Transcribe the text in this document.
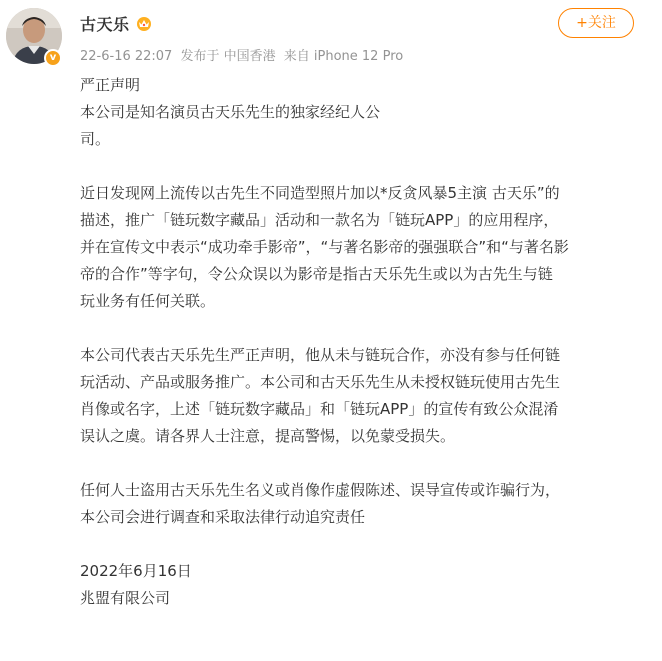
v
古天乐
22-6-16 22:07 发布于 中国香港 来自 iPhone 12 Pro
+关注

严正声明

本公司是知名演员古天乐先生的独家经纪人公

司。

近日发现网上流传以古先生不同造型照片加以*反贪风暴5主演 古天乐”的

描述，推广「链玩数字藏品」活动和一款名为「链玩APP」的应用程序，

并在宣传文中表示“成功牵手影帝”，“与著名影帝的强强联合”和“与著名影

帝的合作”等字句，令公众误以为影帝是指古天乐先生或以为古先生与链

玩业务有任何关联。

本公司代表古天乐先生严正声明，他从未与链玩合作，亦没有参与任何链

玩活动、产品或服务推广。本公司和古天乐先生从未授权链玩使用古先生

肖像或名字，上述「链玩数字藏品」和「链玩APP」的宣传有致公众混淆

误认之虞。请各界人士注意，提高警惕，以免蒙受损失。

任何人士盗用古天乐先生名义或肖像作虚假陈述、误导宣传或诈骗行为，

本公司会进行调查和采取法律行动追究责任

2022年6月16日

兆盟有限公司
